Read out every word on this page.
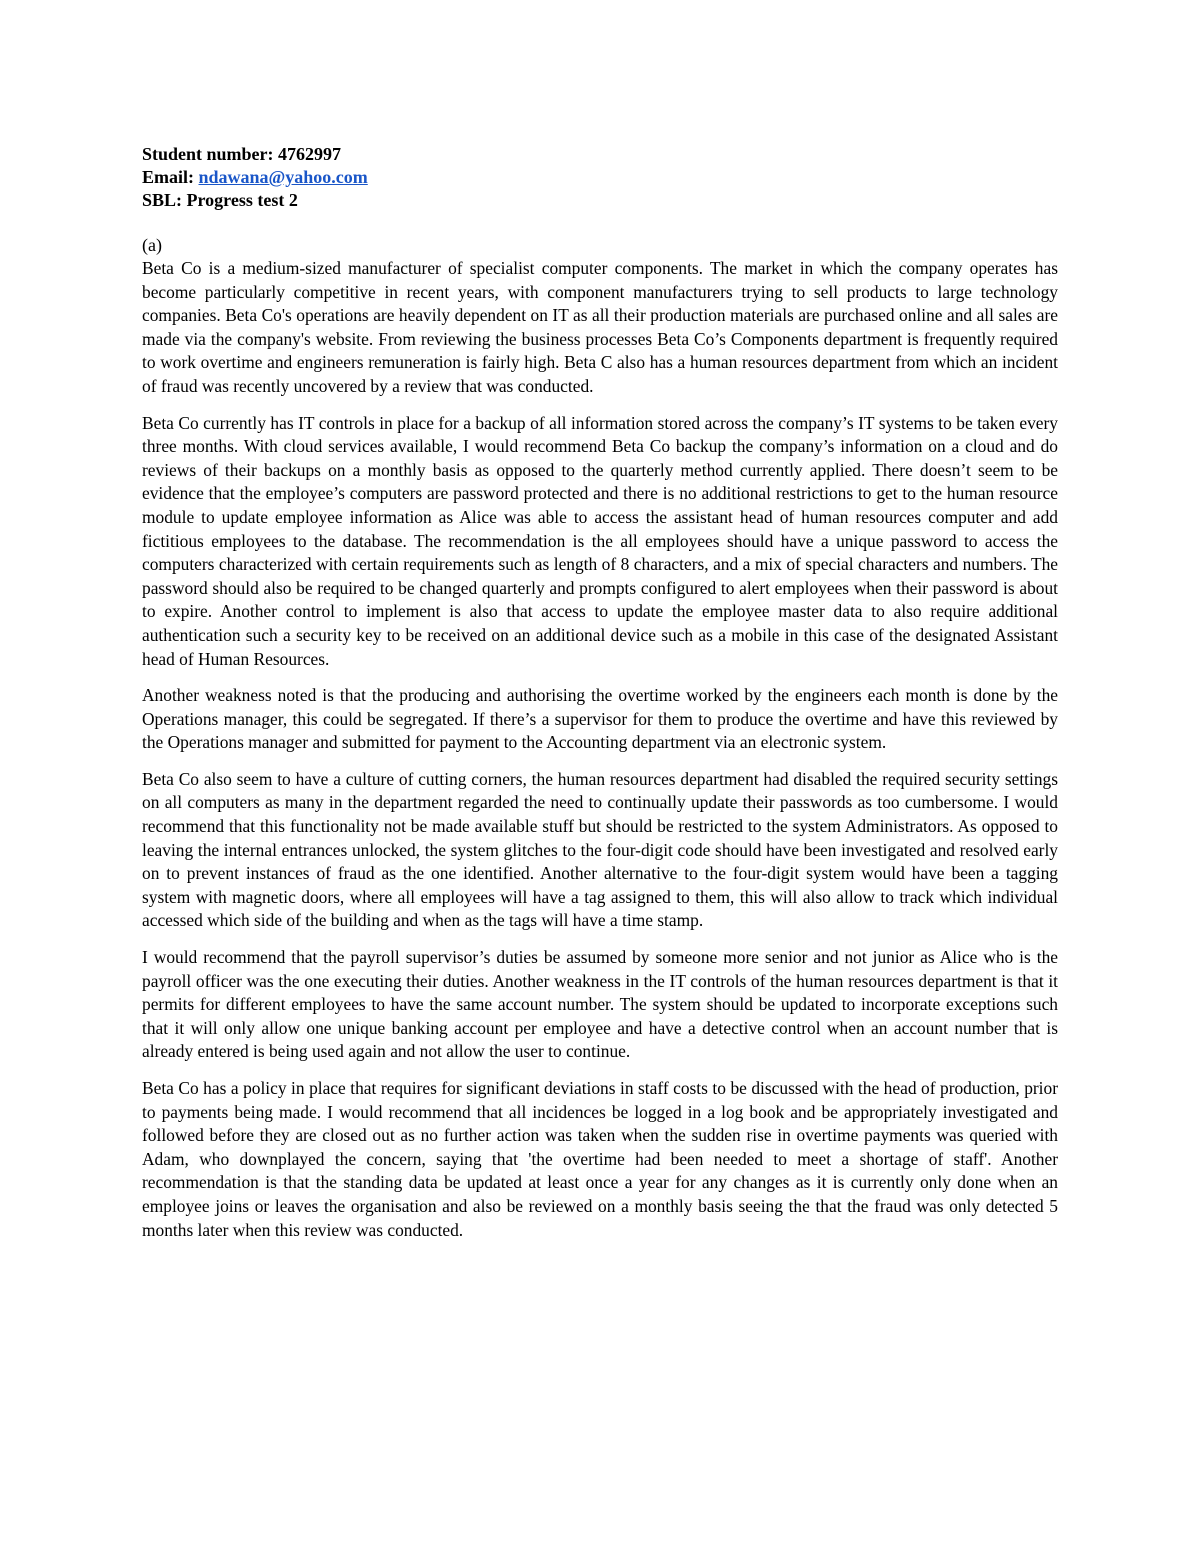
Student number: 4762997

Email: ndawana@yahoo.com

SBL: Progress test 2

(a)

Beta Co is a medium-sized manufacturer of specialist computer components. The market in which the company operates has become particularly competitive in recent years, with component manufacturers trying to sell products to large technology companies. Beta Co's operations are heavily dependent on IT as all their production materials are purchased online and all sales are made via the company's website. From reviewing the business processes Beta Co’s Components department is frequently required to work overtime and engineers remuneration is fairly high. Beta C also has a human resources department from which an incident of fraud was recently uncovered by a review that was conducted.

Beta Co currently has IT controls in place for a backup of all information stored across the company’s IT systems to be taken every three months. With cloud services available, I would recommend Beta Co backup the company’s information on a cloud and do reviews of their backups on a monthly basis as opposed to the quarterly method currently applied. There doesn’t seem to be evidence that the employee’s computers are password protected and there is no additional restrictions to get to the human resource module to update employee information as Alice was able to access the assistant head of human resources computer and add fictitious employees to the database. The recommendation is the all employees should have a unique password to access the computers characterized with certain requirements such as length of 8 characters, and a mix of special characters and numbers. The password should also be required to be changed quarterly and prompts configured to alert employees when their password is about to expire. Another control to implement is also that access to update the employee master data to also require additional authentication such a security key to be received on an additional device such as a mobile in this case of the designated Assistant head of Human Resources.

Another weakness noted is that the producing and authorising the overtime worked by the engineers each month is done by the Operations manager, this could be segregated. If there’s a supervisor for them to produce the overtime and have this reviewed by the Operations manager and submitted for payment to the Accounting department via an electronic system.

Beta Co also seem to have a culture of cutting corners, the human resources department had disabled the required security settings on all computers as many in the department regarded the need to continually update their passwords as too cumbersome. I would recommend that this functionality not be made available stuff but should be restricted to the system Administrators. As opposed to leaving the internal entrances unlocked, the system glitches to the four-digit code should have been investigated and resolved early on to prevent instances of fraud as the one identified. Another alternative to the four-digit system would have been a tagging system with magnetic doors, where all employees will have a tag assigned to them, this will also allow to track which individual accessed which side of the building and when as the tags will have a time stamp.

I would recommend that the payroll supervisor’s duties be assumed by someone more senior and not junior as Alice who is the payroll officer was the one executing their duties. Another weakness in the IT controls of the human resources department is that it permits for different employees to have the same account number. The system should be updated to incorporate exceptions such that it will only allow one unique banking account per employee and have a detective control when an account number that is already entered is being used again and not allow the user to continue.

Beta Co has a policy in place that requires for significant deviations in staff costs to be discussed with the head of production, prior to payments being made. I would recommend that all incidences be logged in a log book and be appropriately investigated and followed before they are closed out as no further action was taken when the sudden rise in overtime payments was queried with Adam, who downplayed the concern, saying that 'the overtime had been needed to meet a shortage of staff'. Another recommendation is that the standing data be updated at least once a year for any changes as it is currently only done when an employee joins or leaves the organisation and also be reviewed on a monthly basis seeing the that the fraud was only detected 5 months later when this review was conducted.
